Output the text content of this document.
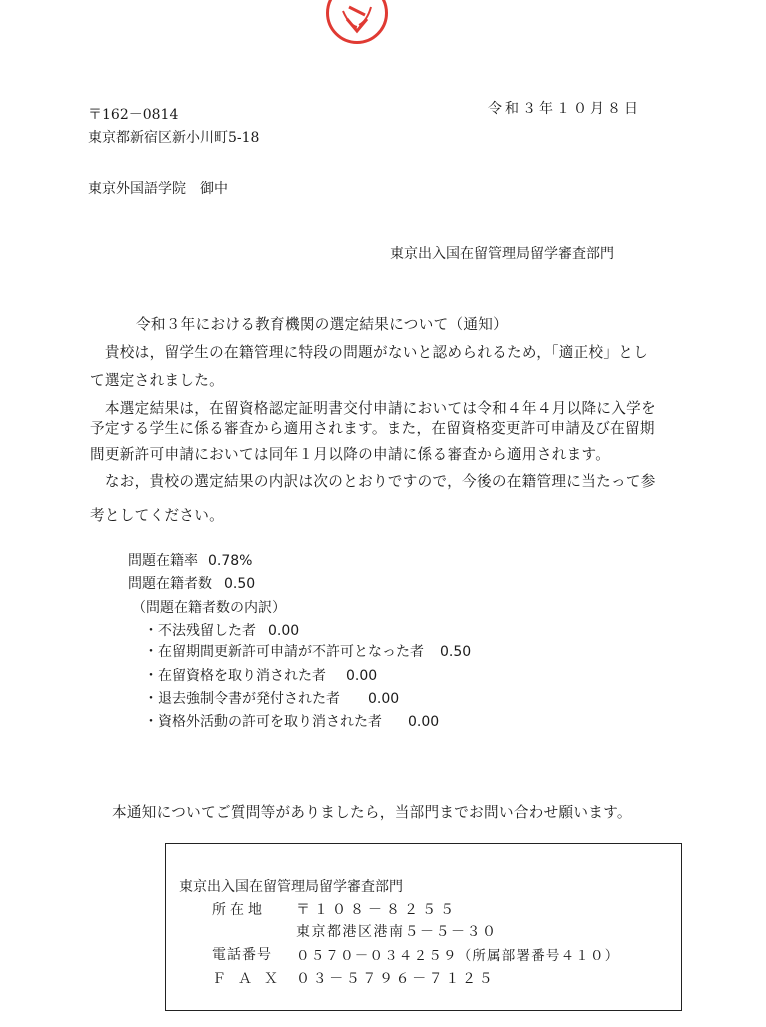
〒162－0814
東京都新宿区新小川町5-18
令和３年１０月８日
東京外国語学院 御中
東京出入国在留管理局留学審査部門
令和３年における教育機関の選定結果について（通知）
　貴校は，留学生の在籍管理に特段の問題がないと認められるため，「適正校」とし
て選定されました。
　本選定結果は，在留資格認定証明書交付申請においては令和４年４月以降に入学を
予定する学生に係る審査から適用されます。また，在留資格変更許可申請及び在留期
間更新許可申請においては同年１月以降の申請に係る審査から適用されます。
　なお，貴校の選定結果の内訳は次のとおりですので，今後の在籍管理に当たって参
考としてください。
問題在籍率 0.78%
問題在籍者数 0.50
（問題在籍者数の内訳）
・不法残留した者 0.00
・在留期間更新許可申請が不許可となった者 0.50
・在留資格を取り消された者 0.00
・退去強制令書が発付された者 0.00
・資格外活動の許可を取り消された者 0.00
本通知についてご質問等がありましたら，当部門までお問い合わせ願います。
東京出入国在留管理局留学審査部門
所在地 〒１０８－８２５５
東京都港区港南５－５－３０
電話番号 ０５７０－０３４２５９（所属部署番号４１０）
ＦＡＸ ０３－５７９６－７１２５
